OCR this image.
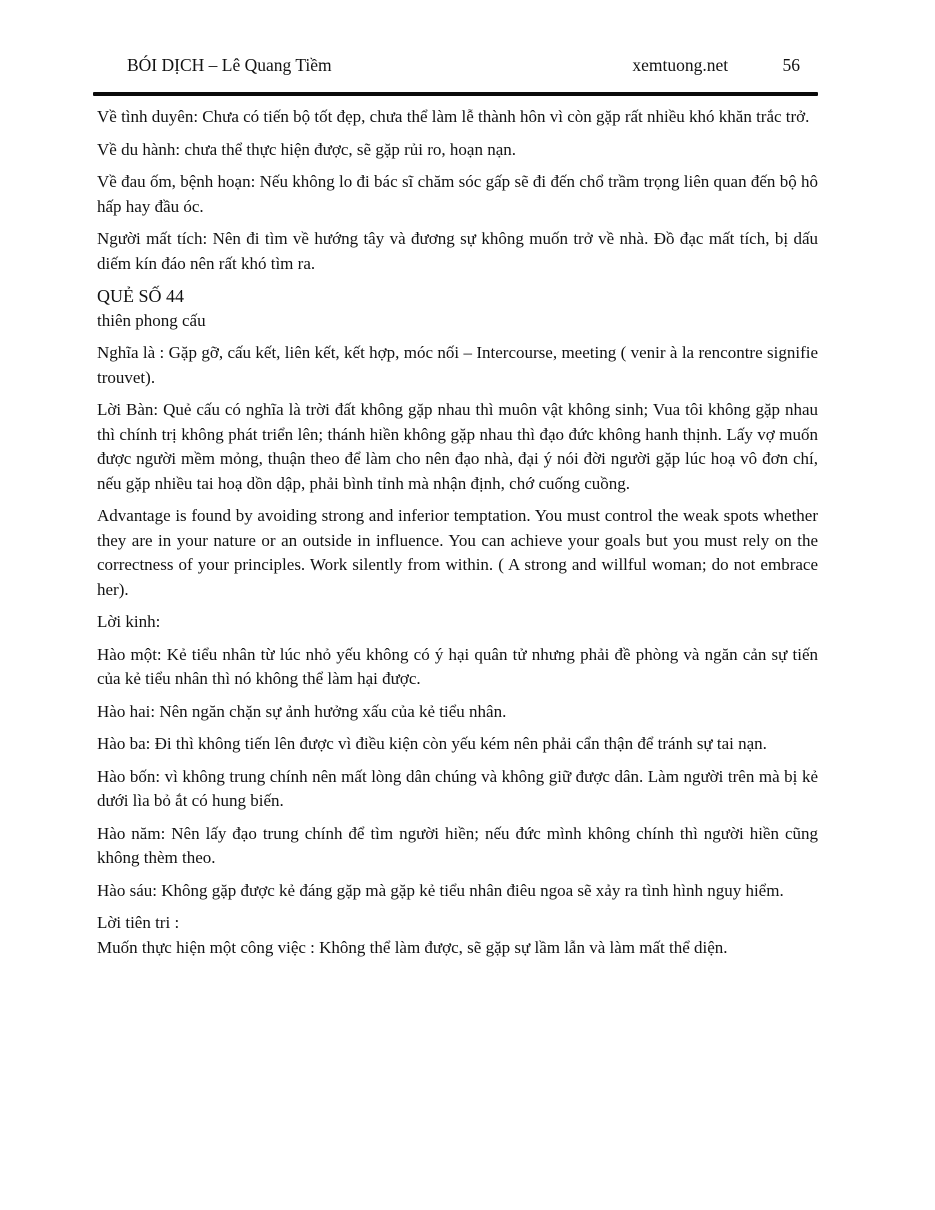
BÓI DỊCH – Lê Quang Tiềm	xemtuong.net	56

Về tình duyên: Chưa có tiến bộ tốt đẹp, chưa thể làm lễ thành hôn vì còn gặp rất nhiều khó khăn trắc trở.

Về du hành: chưa thể thực hiện được, sẽ gặp rủi ro, hoạn nạn.

Về đau ốm, bệnh hoạn: Nếu không lo đi bác sĩ chăm sóc gấp sẽ đi đến chổ trầm trọng liên quan đến bộ hô hấp hay đầu óc.

Người mất tích: Nên đi tìm về hướng tây và đương sự không muốn trở về nhà. Đồ đạc mất tích, bị dấu diếm kín đáo nên rất khó tìm ra.

QUẺ SỐ 44
thiên phong cấu

Nghĩa là : Gặp gỡ, cấu kết, liên kết, kết hợp, móc nối – Intercourse, meeting ( venir à la rencontre signifie trouvet).

Lời Bàn: Quẻ cấu có nghĩa là trời đất không gặp nhau thì muôn vật không sinh; Vua tôi không gặp nhau thì chính trị không phát triển lên; thánh hiền không gặp nhau thì đạo đức không hanh thịnh. Lấy vợ muốn được người mềm mỏng, thuận theo để làm cho nên đạo nhà, đại ý nói đời người gặp lúc hoạ vô đơn chí, nếu gặp nhiều tai hoạ dồn dập, phải bình tỉnh mà nhận định, chớ cuống cuồng.

Advantage is found by avoiding strong and inferior temptation. You must control the weak spots whether they are in your nature or an outside in influence. You can achieve your goals but you must rely on the correctness of your principles. Work silently from within. ( A strong and willful woman; do not embrace her).

Lời kinh:

Hào một: Kẻ tiểu nhân từ lúc nhỏ yếu không có ý hại quân tử nhưng phải đề phòng và ngăn cản sự tiến của kẻ tiểu nhân thì nó không thể làm hại được.

Hào hai: Nên ngăn chặn sự ảnh hưởng xấu của kẻ tiểu nhân.

Hào ba: Đi thì không tiến lên được vì điều kiện còn yếu kém nên phải cẩn thận để tránh sự tai nạn.

Hào bốn: vì không trung chính nên mất lòng dân chúng và không giữ được dân. Làm người trên mà bị kẻ dưới lìa bỏ ắt có hung biến.

Hào năm: Nên lấy đạo trung chính để tìm người hiền; nếu đức mình không chính thì người hiền cũng không thèm theo.

Hào sáu: Không gặp được kẻ đáng gặp mà gặp kẻ tiểu nhân điêu ngoa sẽ xảy ra tình hình nguy hiểm.

Lời tiên tri :
Muốn thực hiện một công việc : Không thể làm được, sẽ gặp sự lầm lẫn và làm mất thể diện.
